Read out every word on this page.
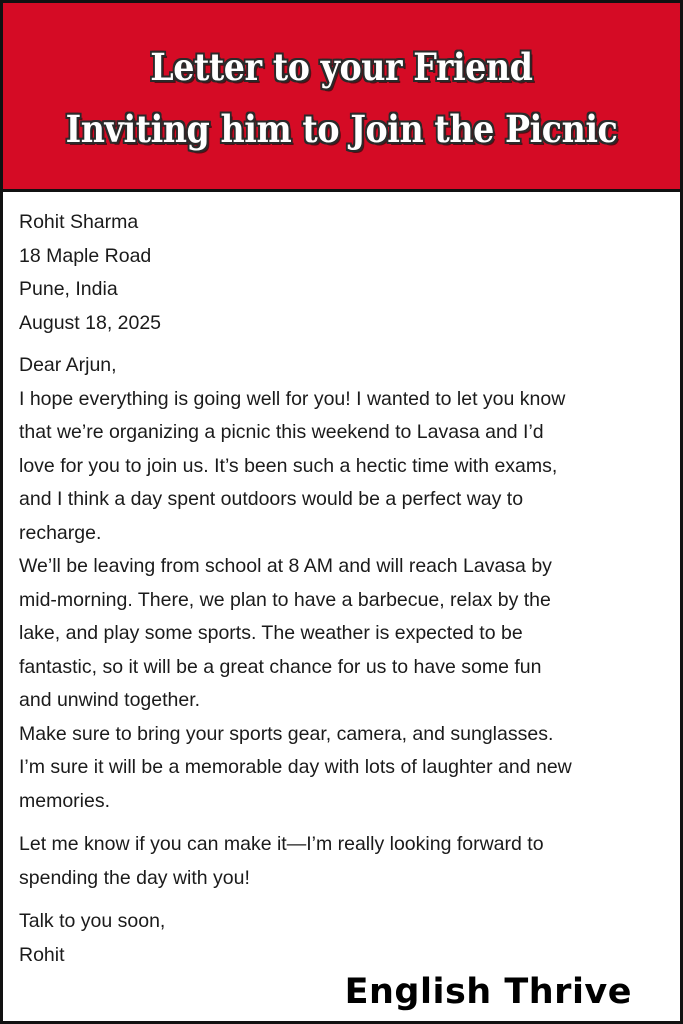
Letter to your Friend
Inviting him to Join the Picnic
Rohit Sharma
18 Maple Road
Pune, India
August 18, 2025
Dear Arjun,
I hope everything is going well for you! I wanted to let you know
that we’re organizing a picnic this weekend to Lavasa and I’d
love for you to join us. It’s been such a hectic time with exams,
and I think a day spent outdoors would be a perfect way to
recharge.
We’ll be leaving from school at 8 AM and will reach Lavasa by
mid-morning. There, we plan to have a barbecue, relax by the
lake, and play some sports. The weather is expected to be
fantastic, so it will be a great chance for us to have some fun
and unwind together.
Make sure to bring your sports gear, camera, and sunglasses.
I’m sure it will be a memorable day with lots of laughter and new
memories.
Let me know if you can make it—I’m really looking forward to
spending the day with you!
Talk to you soon,
Rohit
English Thrive
